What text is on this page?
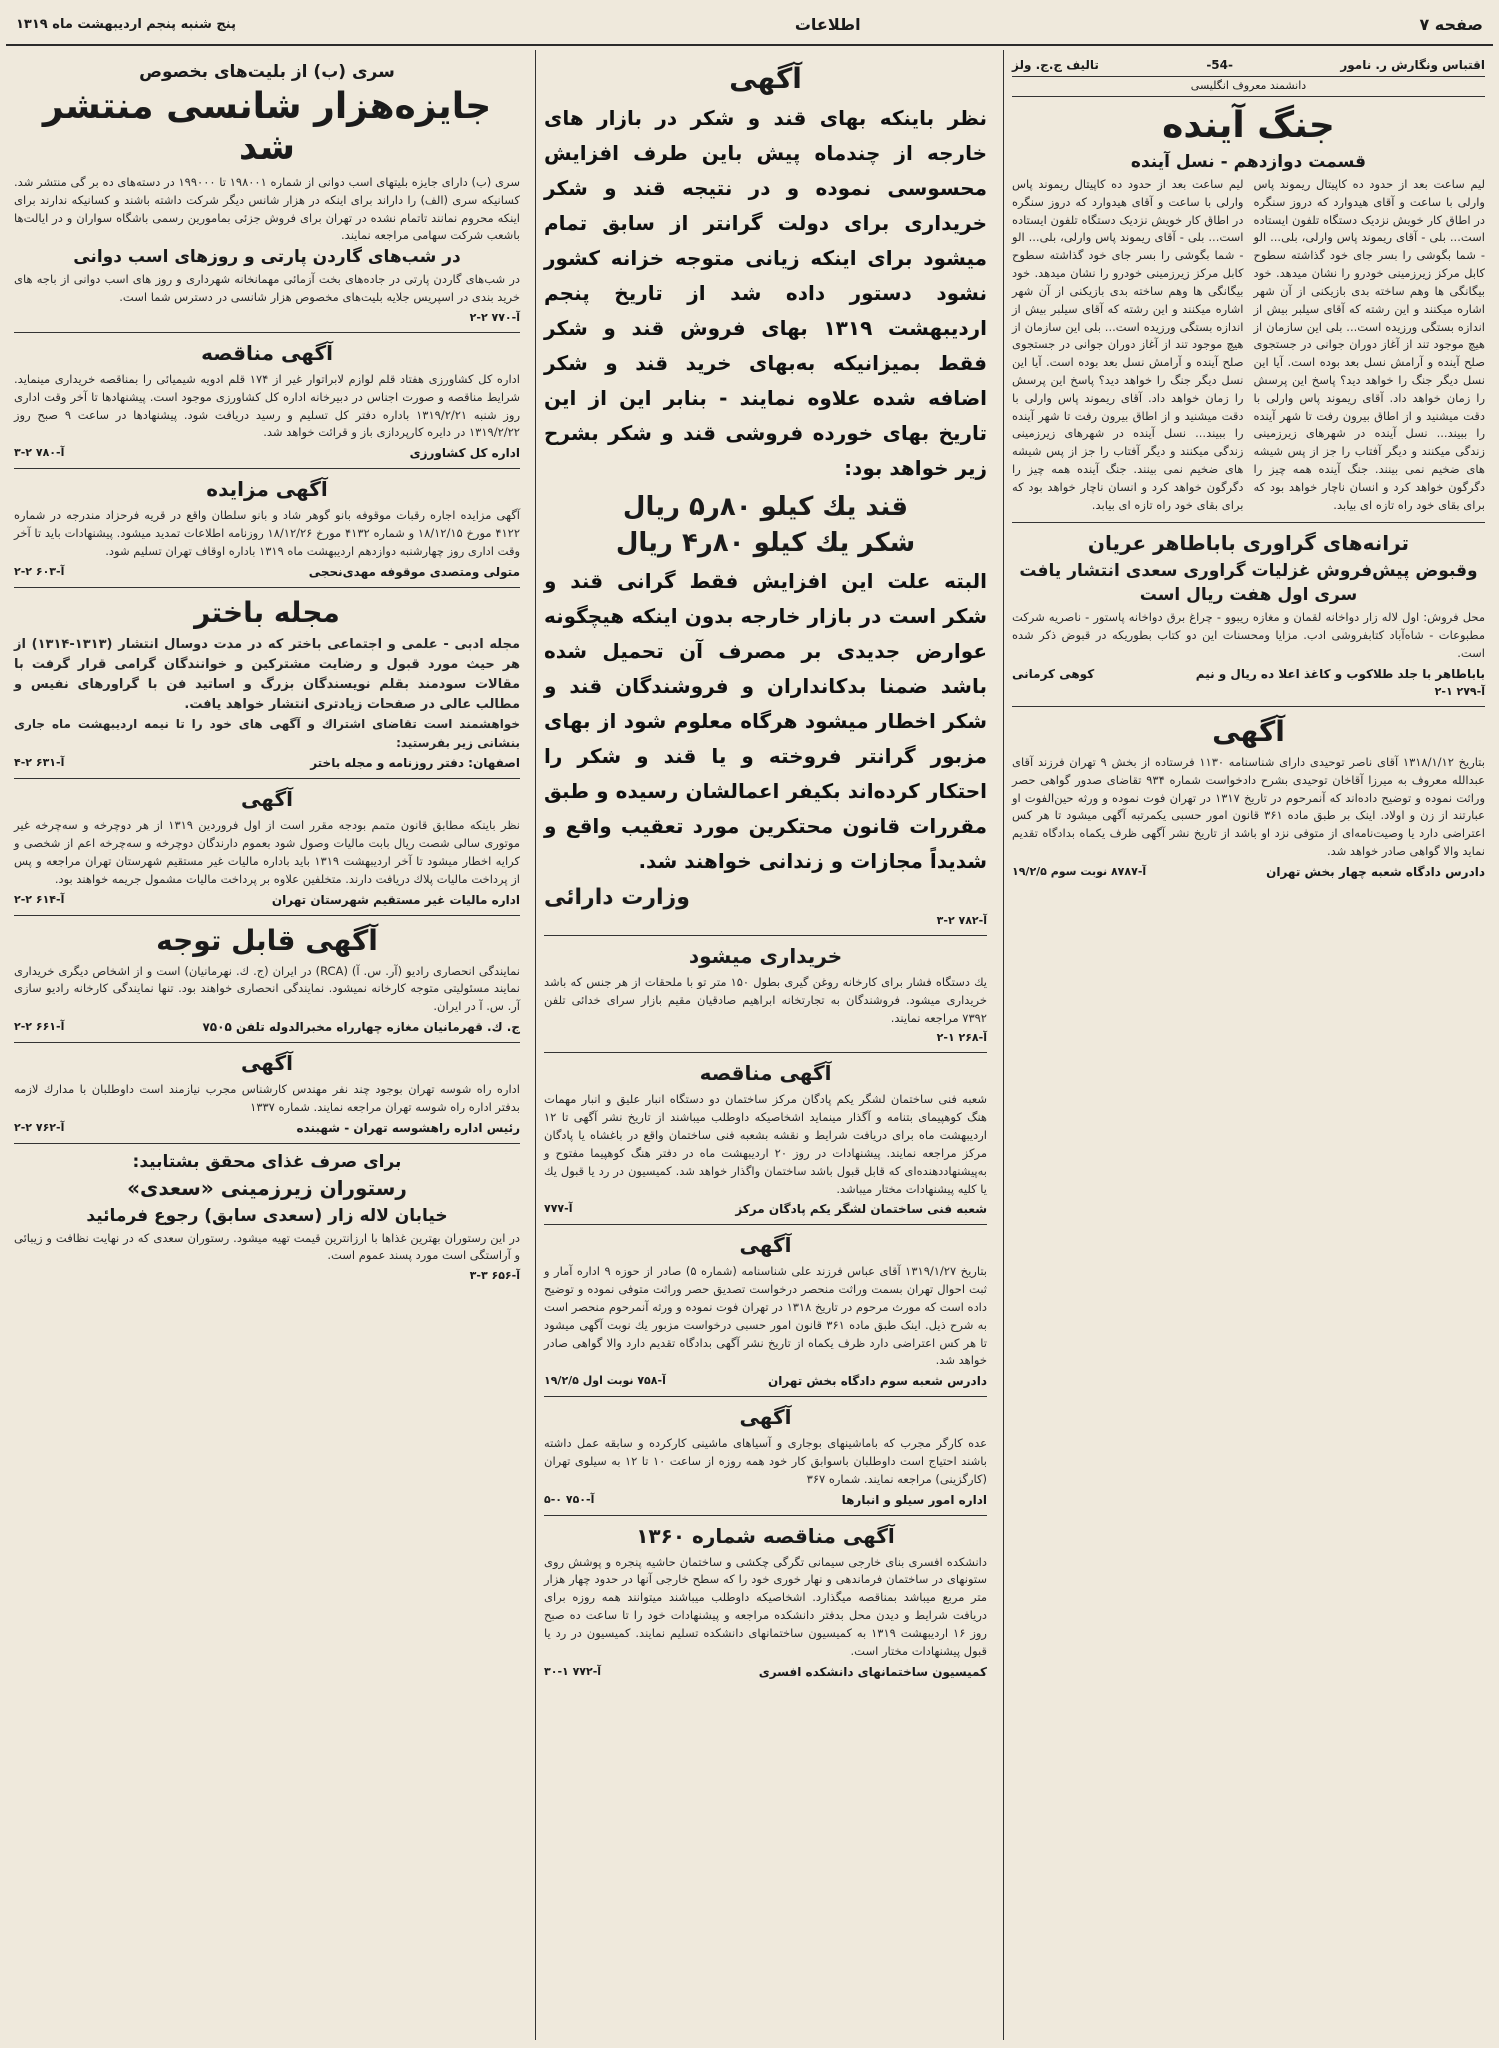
صفحه ۷
اطلاعات
پنج شنبه پنجم اردیبهشت ماه ۱۳۱۹
اقتباس ونگارش ر. نامور
-54-
تالیف ج.ج. ولز
دانشمند معروف انگلیسی
جنگ آینده
قسمت دوازدهم - نسل آینده
لیم ساعت بعد از حدود ده کاپیتال ریموند پاس وارلی با ساعت و آقای هیدوارد که دروز سنگره در اطاق کار خویش نزدیک دستگاه تلفون ایستاده است... بلی - آقای ریموند پاس وارلی، بلی... الو - شما بگوشی را بسر جای خود گذاشته سطوح کابل مرکز زیرزمینی خودرو را نشان میدهد. خود بیگانگی ها وهم ساخته بدی بازیکنی از آن شهر اشاره میکنند و این رشته که آقای سیلبر بیش از اندازه بستگی ورزیده است... بلی این سازمان از هیچ موجود تند از آغاز دوران جوانی در جستجوی صلح آینده و آرامش نسل بعد بوده است. آیا این نسل دیگر جنگ را خواهد دید؟ پاسخ این پرسش را زمان خواهد داد. آقای ریموند پاس وارلی با دقت میشنید و از اطاق بیرون رفت تا شهر آینده را ببیند... نسل آینده در شهرهای زیرزمینی زندگی میکنند و دیگر آفتاب را جز از پس شیشه های ضخیم نمی بینند. جنگ آینده همه چیز را دگرگون خواهد کرد و انسان ناچار خواهد بود که برای بقای خود راه تازه ای بیابد.
لیم ساعت بعد از حدود ده کاپیتال ریموند پاس وارلی با ساعت و آقای هیدوارد که دروز سنگره در اطاق کار خویش نزدیک دستگاه تلفون ایستاده است... بلی - آقای ریموند پاس وارلی، بلی... الو - شما بگوشی را بسر جای خود گذاشته سطوح کابل مرکز زیرزمینی خودرو را نشان میدهد. خود بیگانگی ها وهم ساخته بدی بازیکنی از آن شهر اشاره میکنند و این رشته که آقای سیلبر بیش از اندازه بستگی ورزیده است... بلی این سازمان از هیچ موجود تند از آغاز دوران جوانی در جستجوی صلح آینده و آرامش نسل بعد بوده است. آیا این نسل دیگر جنگ را خواهد دید؟ پاسخ این پرسش را زمان خواهد داد. آقای ریموند پاس وارلی با دقت میشنید و از اطاق بیرون رفت تا شهر آینده را ببیند... نسل آینده در شهرهای زیرزمینی زندگی میکنند و دیگر آفتاب را جز از پس شیشه های ضخیم نمی بینند. جنگ آینده همه چیز را دگرگون خواهد کرد و انسان ناچار خواهد بود که برای بقای خود راه تازه ای بیابد.
ترانه‌های گراوری باباطاهر عریان
وقبوض پیش‌فروش غزلیات گراوری سعدی انتشار یافت
سری اول هفت ریال است
محل فروش: اول لاله زار دواخانه لقمان و مغازه ریبوو - چراغ برق دواخانه پاستور - ناصریه شرکت مطبوعات - شاه‌آباد کتابفروشی ادب. مزایا ومحسنات این دو کتاب بطوریکه در قبوض ذکر شده است.
باباطاهر با جلد‌ طلاکوب و کاغذ اعلا ده ریال و نیم
کوهی کرمانی
آ-۲۷۹ ۱-۲
آگهی
بتاریخ ۱۳۱۸/۱/۱۲ آقای ناصر توحیدی دارای شناسنامه ۱۱۳۰ فرستاده از بخش ۹ تهران فرزند آقای عبدالله معروف به میرزا آقاخان توحیدی بشرح دادخواست شماره ۹۳۴ تقاضای صدور گواهی حصر وراثت نموده و توضیح داده‌اند که آنمرحوم در تاریخ ۱۳۱۷ در تهران فوت نموده و ورثه حین‌الفوت او عبارتند از زن و اولاد. اینک بر طبق ماده ۳۶۱ قانون امور حسبی یکمرتبه آگهی میشود تا هر کس اعتراضی دارد یا وصیت‌نامه‌ای از متوفی نزد او باشد از تاریخ نشر آگهی ظرف یکماه بدادگاه تقدیم نماید والا گواهی صادر خواهد شد.
دادرس دادگاه شعبه چهار بخش تهران
آ-۸۷۸۷ نوبت سوم ۱۹/۲/۵
آگهی
نظر باینکه بهای قند و شکر در بازار های خارجه از چندماه پیش باین طرف افزایش محسوسی نموده و در نتیجه قند و شکر خریداری برای دولت گرانتر از سابق تمام میشود برای اینکه زیانی متوجه خزانه کشور نشود دستور داده شد از تاریخ پنجم اردیبهشت ۱۳۱۹ بهای فروش قند و شکر فقط بمیزانیکه به‌بهای خرید قند و شکر اضافه شده علاوه نمایند - بنابر این از این تاریخ بهای خورده فروشی قند و شکر بشرح زیر خواهد بود:
قند یك كیلو ۸۰ر۵ ریال
شکر یك كیلو ۸۰ر۴ ریال
البته علت این افزایش فقط گرانی قند و شکر است در بازار خارجه بدون اینکه هیچگونه عوارض جدیدی بر مصرف آن تحمیل شده باشد ضمنا بدکانداران و فروشندگان قند و شکر اخطار میشود هرگاه معلوم شود از بهای مزبور گرانتر فروخته و یا قند و شکر را احتکار کرده‌اند بکیفر اعمالشان رسیده و طبق مقررات قانون محتکرین مورد تعقیب واقع و شدیداً مجازات و زندانی خواهند شد.
وزارت دارائی
آ-۷۸۲ ۲-۳
خریداری میشود
یك دستگاه فشار برای کارخانه روغن گیری بطول ۱۵۰ متر تو با ملحقات از هر جنس که باشد خریداری میشود. فروشندگان به تجارتخانه ابراهیم صادقیان مقیم بازار سرای خدائی تلفن ۷۳۹۲ مراجعه نمایند.
آ-۲۶۸ ۱-۲
آگهی مناقصه
شعبه فنی ساختمان لشگر یکم پادگان مرکز ساختمان دو دستگاه انبار علیق و انبار مهمات هنگ کوهپیمای بتنامه و آگذار مینماید اشخاصیکه داوطلب میباشند از تاریخ نشر آگهی تا ۱۲ اردیبهشت ماه برای دریافت شرایط و نقشه بشعبه فنی ساختمان واقع در باغشاه یا پادگان مرکز مراجعه نمایند. پیشنهادات در روز ۲۰ اردیبهشت ماه در دفتر هنگ کوهپیما مفتوح و به‌پیشنهاددهنده‌ای که قابل قبول باشد ساختمان واگذار خواهد شد. کمیسیون در رد یا قبول یك یا کلیه پیشنهادات مختار میباشد.
شعبه فنی ساختمان لشگر یکم پادگان مرکز
آ-۷۷۷
آگهی
بتاریخ ۱۳۱۹/۱/۲۷ آقای عباس فرزند علی شناسنامه (شماره ۵) صادر از حوزه ۹ اداره آمار و ثبت احوال تهران بسمت وراثت منحصر درخواست تصدیق حصر وراثت متوفی نموده و توضیح داده است که مورث مرحوم در تاریخ ۱۳۱۸ در تهران فوت نموده و ورثه آنمرحوم منحصر است به شرح ذیل. اینک طبق ماده ۳۶۱ قانون امور حسبی درخواست مزبور یك نوبت آگهی میشود تا هر کس اعتراضی دارد ظرف یکماه از تاریخ نشر آگهی بدادگاه تقدیم دارد والا گواهی صادر خواهد شد.
دادرس شعبه سوم دادگاه بخش تهران
آ-۷۵۸ نوبت اول ۱۹/۲/۵
آگهی
عده کارگر مجرب که باماشینهای بوجاری و آسیاهای ماشینی کارکرده و سابقه عمل داشته باشند احتیاج است داوطلبان باسوابق کار خود همه روزه از ساعت ۱۰ تا ۱۲ به سیلوی تهران (کارگزینی) مراجعه نمایند. شماره ۳۶۷
اداره امور سیلو و انبارها
آ-۷۵۰ ۰-۵
آگهی مناقصه شماره ۱۳۶۰
دانشکده افسری بنای خارجی سیمانی تگرگی چکشی و ساختمان حاشیه پنجره و پوشش روی ستونهای در ساختمان فرماندهی و نهار خوری خود را که سطح خارجی آنها در حدود چهار هزار متر مربع میباشد بمناقصه میگذارد. اشخاصیکه داوطلب میباشند میتوانند همه روزه برای دریافت شرایط و دیدن محل بدفتر دانشکده مراجعه و پیشنهادات خود را تا ساعت ده صبح روز ۱۶ اردیبهشت ۱۳۱۹ به کمیسیون ساختمانهای دانشکده تسلیم نمایند. کمیسیون در رد یا قبول پیشنهادات مختار است.
کمیسیون ساختمانهای دانشکده افسری
آ-۷۷۲ ۱-۳۰
سری (ب) از بلیت‌های بخصوص
جایزه‌هزار شانسی منتشر شد
سری (ب) دارای جایزه بلیتهای اسب دوانی از شماره ۱۹۸۰۰۱ تا ۱۹۹۰۰۰ در دسته‌های ده بر گی منتشر شد. کسانیکه سری (الف) را داراند برای اینکه در هزار شانس دیگر شرکت داشته باشند و کسانیکه ندارند برای اینکه محروم نمانند تاتمام نشده در تهران برای فروش جزئی بمامورین رسمی باشگاه سواران و در ایالت‌ها باشعب شرکت سهامی مراجعه نمایند.
در شب‌های گاردن پارتی و روز‌های اسب دوانی
در شب‌های گاردن پارتی در جاده‌های بخت آزمائی مهمانخانه شهرداری و روز های اسب دوانی از باجه های خرید بندی در اسپریس جلایه بلیت‌های مخصوص هزار شانسی در دسترس شما است.
آ-۷۷۰ ۲-۲
آگهی مناقصه
اداره کل کشاورزی هفتاد قلم لوازم لابراتوار غیر از ۱۷۴ قلم ادویه شیمیائی را بمناقصه خریداری مینماید. شرایط مناقصه و صورت اجناس در دبیرخانه اداره کل کشاورزی موجود است. پیشنهادها تا آخر وقت اداری روز شنبه ۱۳۱۹/۲/۲۱ باداره دفتر کل تسلیم و رسید دریافت شود. پیشنهادها در ساعت ۹ صبح روز ۱۳۱۹/۲/۲۲ در دایره کارپردازی باز و قرائت خواهد شد.
اداره کل کشاورزی
آ-۷۸۰ ۲-۳
آگهی مزایده
آگهی مزایده اجاره رقبات موقوفه بانو گوهر شاد و بانو سلطان واقع در قریه فرحزاد مندرجه در شماره ۴۱۲۲ مورخ ۱۸/۱۲/۱۵ و شماره ۴۱۳۲ مورخ ۱۸/۱۲/۲۶ روزنامه اطلاعات تمدید میشود. پیشنهادات باید تا آخر وقت اداری روز چهارشنبه دوازدهم اردیبهشت ماه ۱۳۱۹ باداره اوقاف تهران تسلیم شود.
متولی ومتصدی موقوفه مهدی‌نحجی
آ-۶۰۳ ۲-۲
مجله باختر
مجله ادبی - علمی و اجتماعی باختر که در مدت دوسال انتشار (۱۳۱۳-۱۳۱۴) از هر حیث مورد قبول و رضایت مشترکین و خوانندگان گرامی قرار گرفت با مقالات سودمند بقلم نویسندگان بزرگ و اساتید فن با گراورهای نفیس و مطالب عالی در صفحات زیادتری انتشار خواهد یافت.
خواهشمند است تقاضای اشتراك و آگهی های خود را تا نیمه اردیبهشت ماه جاری بنشانی زیر بفرستید:
اصفهان: دفتر روزنامه و مجله باختر
آ-۶۳۱ ۲-۴
آگهی
نظر باینکه مطابق قانون متمم بودجه مقرر است از اول فروردین ۱۳۱۹ از هر دوچرخه و سه‌چرخه غیر موتوری سالی شصت ریال بابت مالیات وصول شود بعموم دارندگان دوچرخه و سه‌چرخه اعم از شخصی و کرایه اخطار میشود تا آخر اردیبهشت ۱۳۱۹ باید باداره مالیات غیر مستقیم شهرستان تهران مراجعه و پس از پرداخت مالیات پلاك دریافت دارند. متخلفین علاوه بر پرداخت مالیات مشمول جریمه خواهند بود.
اداره مالیات غیر مستقیم شهرستان تهران
آ-۶۱۴ ۲-۲
آگهی قابل توجه
نمایندگی انحصاری رادیو (آر. س. آ) (RCA) در ایران (ج. ك. نهرمانیان) است و از اشخاص دیگری خریداری نمایند مسئولیتی متوجه کارخانه نمیشود. نمایندگی انحصاری خواهند بود. تنها نمایندگی کارخانه رادیو سازی آر. س. آ در ایران.
ج. ك. قهرمانیان مغازه چهارراه مخبرالدوله تلفن ۷۵۰۵
آ-۶۶۱ ۲-۲
آگهی
اداره راه شوسه تهران بوجود چند نفر مهندس کارشناس مجرب نیازمند است داوطلبان با مدارك لازمه بدفتر اداره راه شوسه تهران مراجعه نمایند. شماره ۱۳۳۷
رئیس اداره راهشوسه تهران - شهبنده
آ-۷۶۲ ۲-۲
برای صرف غذای محقق بشتابید:
رستوران زیرزمینی «سعدی»
خیابان لاله زار (سعدی سابق) رجوع فرمائید
در این رستوران بهترین غذاها با ارزانترین قیمت تهیه میشود. رستوران سعدی که در نهایت نظافت و زیبائی و آراستگی است مورد پسند عموم است.
آ-۶۵۶ ۳-۳
